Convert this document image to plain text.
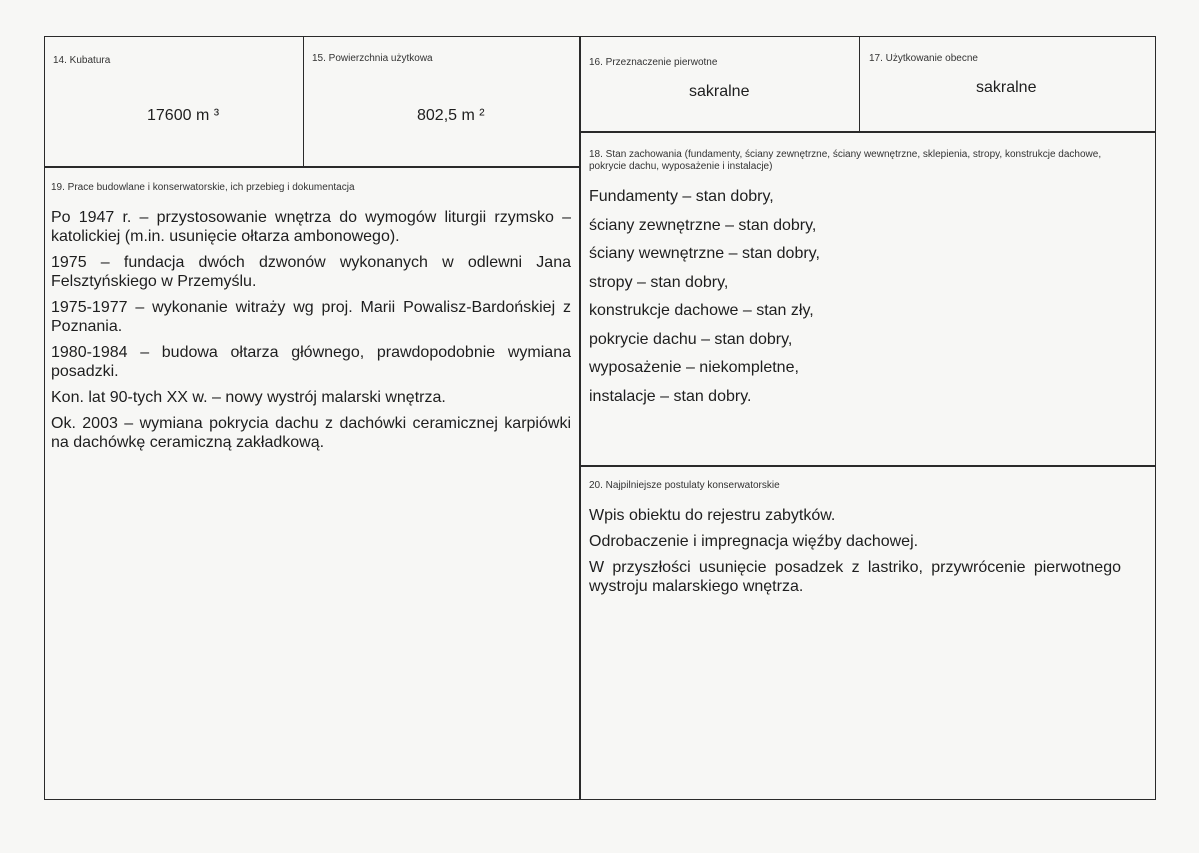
14. Kubatura
17600 m ³
15. Powierzchnia użytkowa
802,5 m ²
16. Przeznaczenie pierwotne
sakralne
17. Użytkowanie obecne
sakralne
18. Stan zachowania (fundamenty, ściany zewnętrzne, ściany wewnętrzne, sklepienia, stropy, konstrukcje dachowe, pokrycie dachu, wyposażenie i instalacje)
Fundamenty – stan dobry,
ściany zewnętrzne – stan dobry,
ściany wewnętrzne – stan dobry,
stropy – stan dobry,
konstrukcje dachowe – stan zły,
pokrycie dachu – stan dobry,
wyposażenie – niekompletne,
instalacje – stan dobry.
19. Prace budowlane i konserwatorskie, ich przebieg i dokumentacja

Po 1947 r. – przystosowanie wnętrza do wymogów liturgii rzymsko – katolickiej (m.in. usunięcie ołtarza ambonowego).

1975 – fundacja dwóch dzwonów wykonanych w odlewni Jana Felsztyńskiego w Przemyślu.

1975-1977 – wykonanie witraży wg proj. Marii Powalisz-Bardońskiej z Poznania.

1980-1984 – budowa ołtarza głównego, prawdopodobnie wymiana posadzki.

Kon. lat 90-tych XX w. – nowy wystrój malarski wnętrza.

Ok. 2003 – wymiana pokrycia dachu z dachówki ceramicznej karpiówki na dachówkę ceramiczną zakładkową.

20. Najpilniejsze postulaty konserwatorskie

Wpis obiektu do rejestru zabytków.

Odrobaczenie i impregnacja więźby dachowej.

W przyszłości usunięcie posadzek z lastriko, przywrócenie pierwotnego wystroju malarskiego wnętrza.
